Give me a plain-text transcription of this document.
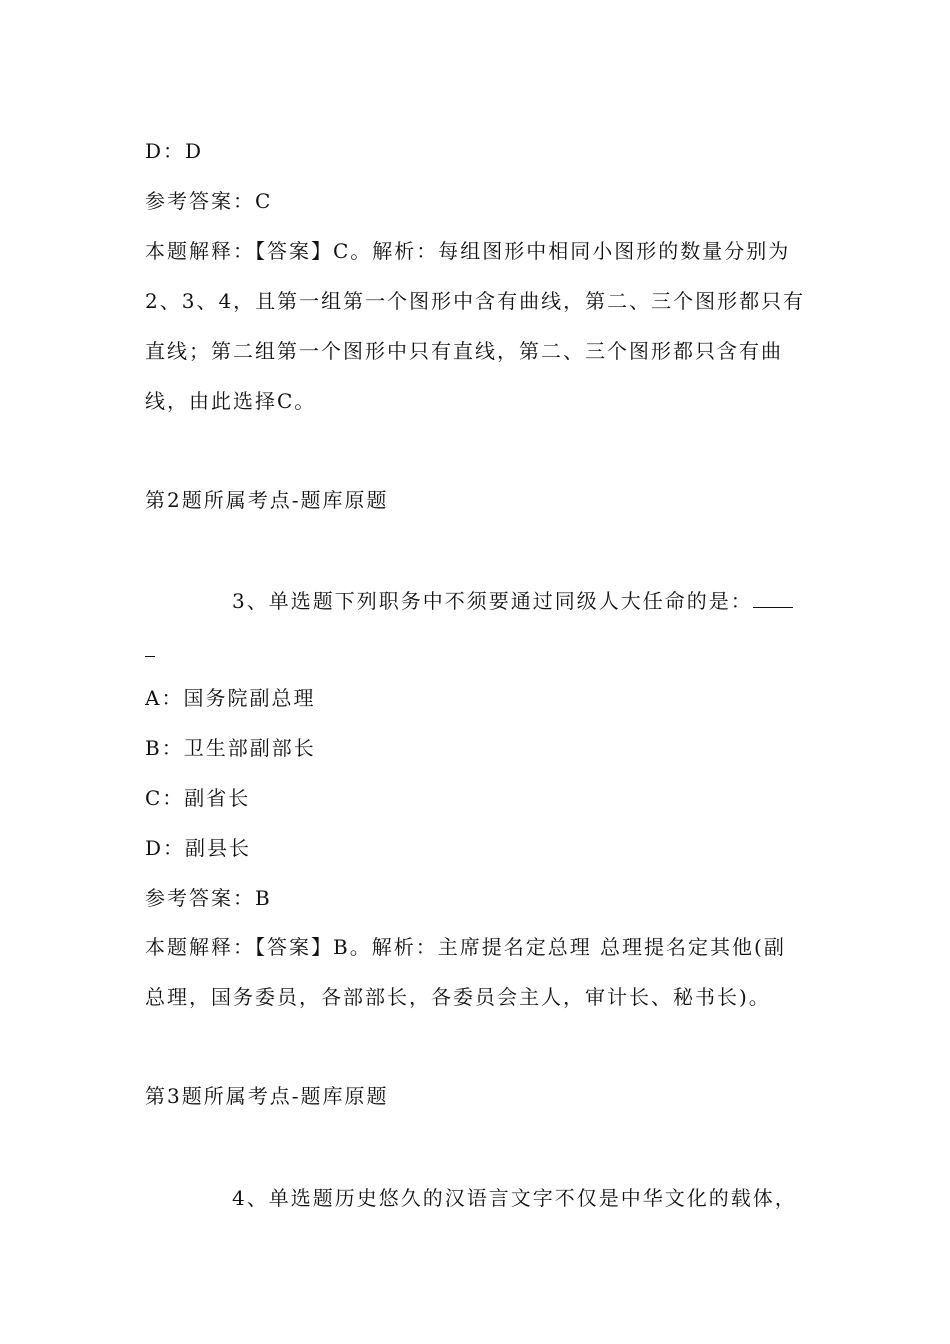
D：D
参考答案：C
本题解释：【答案】C。解析：每组图形中相同小图形的数量分别为
2、3、4，且第一组第一个图形中含有曲线，第二、三个图形都只有
直线；第二组第一个图形中只有直线，第二、三个图形都只含有曲
线，由此选择C。
第2题所属考点-题库原题
3、单选题下列职务中不须要通过同级人大任命的是：
A：国务院副总理
B：卫生部副部长
C：副省长
D：副县长
参考答案：B
本题解释：【答案】B。解析：主席提名定总理 总理提名定其他(副
总理，国务委员，各部部长，各委员会主人，审计长、秘书长)。
第3题所属考点-题库原题
4、单选题历史悠久的汉语言文字不仅是中华文化的载体，
